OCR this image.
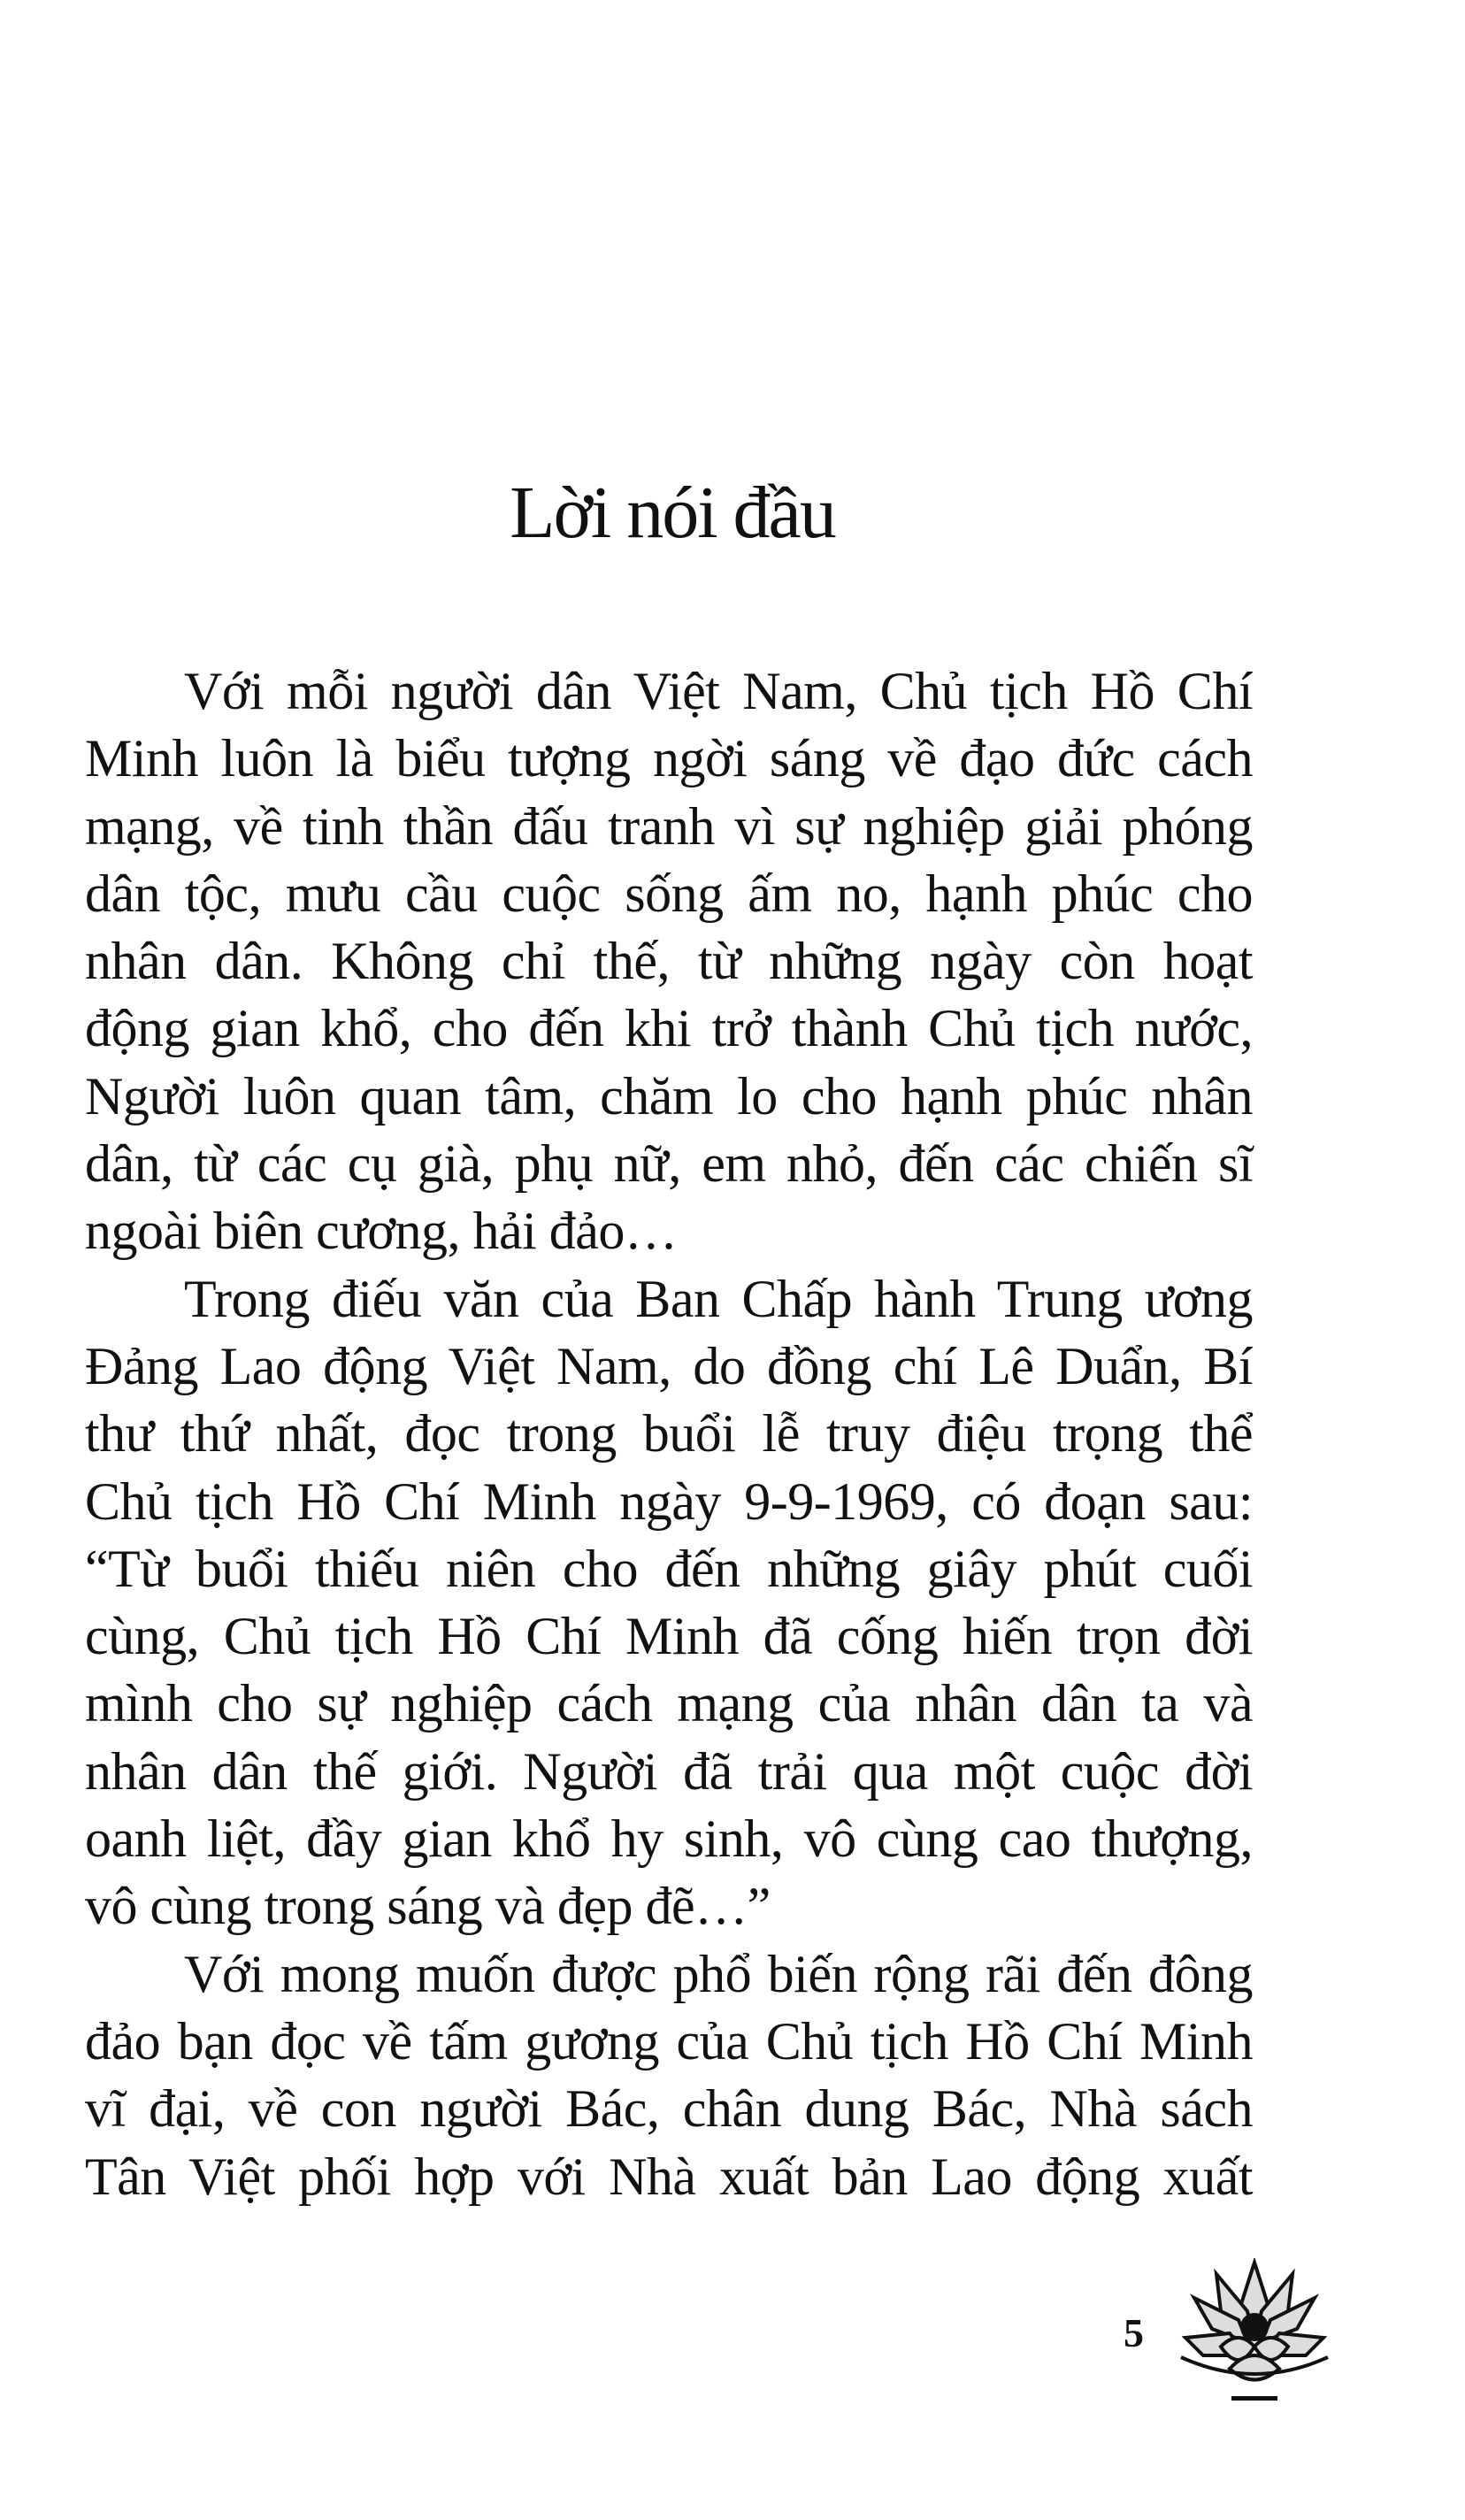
Lời nói đầu
Với mỗi người dân Việt Nam, Chủ tịch Hồ Chí
Minh luôn là biểu tượng ngời sáng về đạo đức cách
mạng, về tinh thần đấu tranh vì sự nghiệp giải phóng
dân tộc, mưu cầu cuộc sống ấm no, hạnh phúc cho
nhân dân. Không chỉ thế, từ những ngày còn hoạt
động gian khổ, cho đến khi trở thành Chủ tịch nước,
Người luôn quan tâm, chăm lo cho hạnh phúc nhân
dân, từ các cụ già, phụ nữ, em nhỏ, đến các chiến sĩ
ngoài biên cương, hải đảo…
Trong điếu văn của Ban Chấp hành Trung ương
Đảng Lao động Việt Nam, do đồng chí Lê Duẩn, Bí
thư thứ nhất, đọc trong buổi lễ truy điệu trọng thể
Chủ tịch Hồ Chí Minh ngày 9-9-1969, có đoạn sau:
“Từ buổi thiếu niên cho đến những giây phút cuối
cùng, Chủ tịch Hồ Chí Minh đã cống hiến trọn đời
mình cho sự nghiệp cách mạng của nhân dân ta và
nhân dân thế giới. Người đã trải qua một cuộc đời
oanh liệt, đầy gian khổ hy sinh, vô cùng cao thượng,
vô cùng trong sáng và đẹp đẽ…”
Với mong muốn được phổ biến rộng rãi đến đông
đảo bạn đọc về tấm gương của Chủ tịch Hồ Chí Minh
vĩ đại, về con người Bác, chân dung Bác, Nhà sách
Tân Việt phối hợp với Nhà xuất bản Lao động xuất
5
